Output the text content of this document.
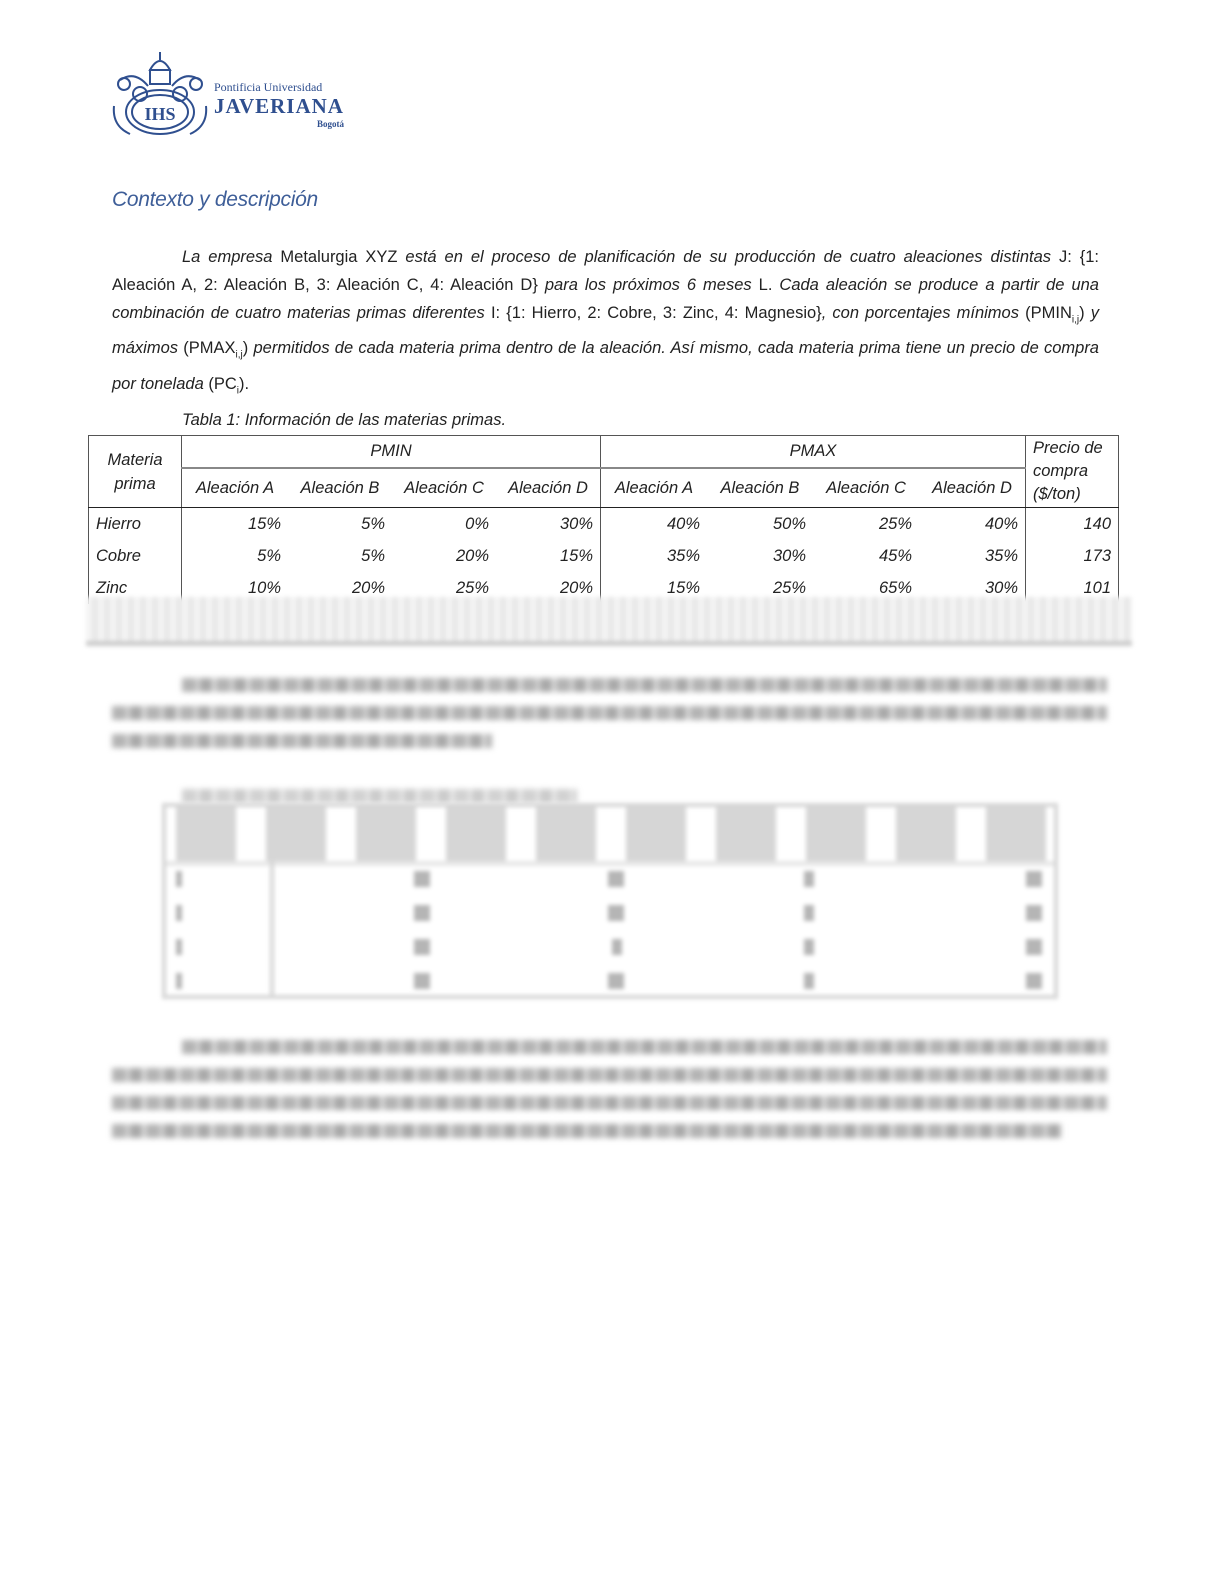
IHS
Pontificia Universidad
JAVERIANA
Bogotá
Contexto y descripción
La empresa Metalurgia XYZ está en el proceso de planificación de su producción de cuatro aleaciones distintas J: {1: Aleación A, 2: Aleación B, 3: Aleación C, 4: Aleación D} para los próximos 6 meses L. Cada aleación se produce a partir de una combinación de cuatro materias primas diferentes I: {1: Hierro, 2: Cobre, 3: Zinc, 4: Magnesio}, con porcentajes mínimos $(PMIN_{i,j})$ y máximos $(PMAX_{i,j})$ permitidos de cada materia prima dentro de la aleación. Así mismo, cada materia prima tiene un precio de compra por tonelada $(PC_i)$.
Tabla 1: Información de las materias primas.
Materia prima	PMIN				PMAX				Precio de compra ($/ton)
	Aleación A	Aleación B	Aleación C	Aleación D	Aleación A	Aleación B	Aleación C	Aleación D	
Hierro	15%	5%	0%	30%	40%	50%	25%	40%	140
Cobre	5%	5%	20%	15%	35%	30%	45%	35%	173
Zinc	10%	20%	25%	20%	15%	25%	65%	30%	101
